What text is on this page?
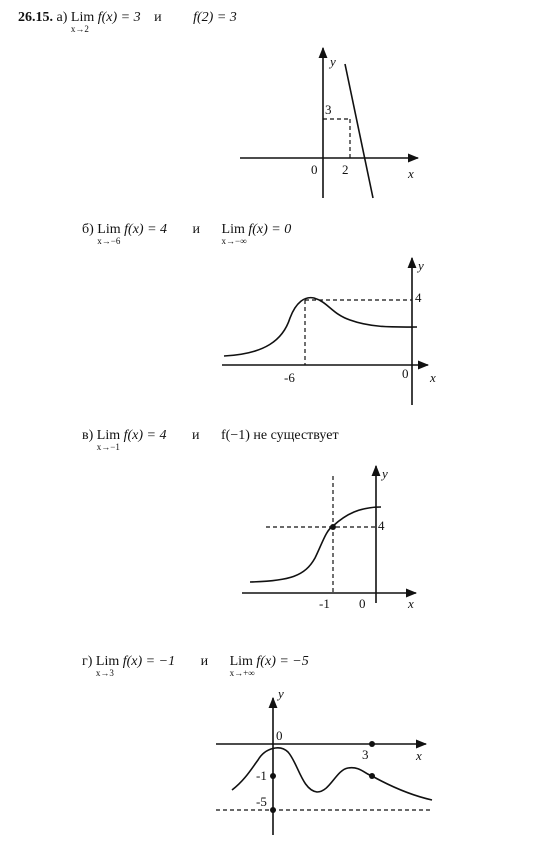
26.15. а) Lim
x→2
f(x) = 3 и f(2) = 3
б) Lim
x→−6
f(x) = 4 и Lim
x→−∞
f(x) = 0
в) Lim
x→−1
f(x) = 4 и f(−1) не существует
г) Lim
x→3
f(x) = −1 и Lim
x→+∞
f(x) = −5
y
x
0 2
3
y
x
0
-6
4
y
x
0
-1
4
y
x
0
3
-1
-5
